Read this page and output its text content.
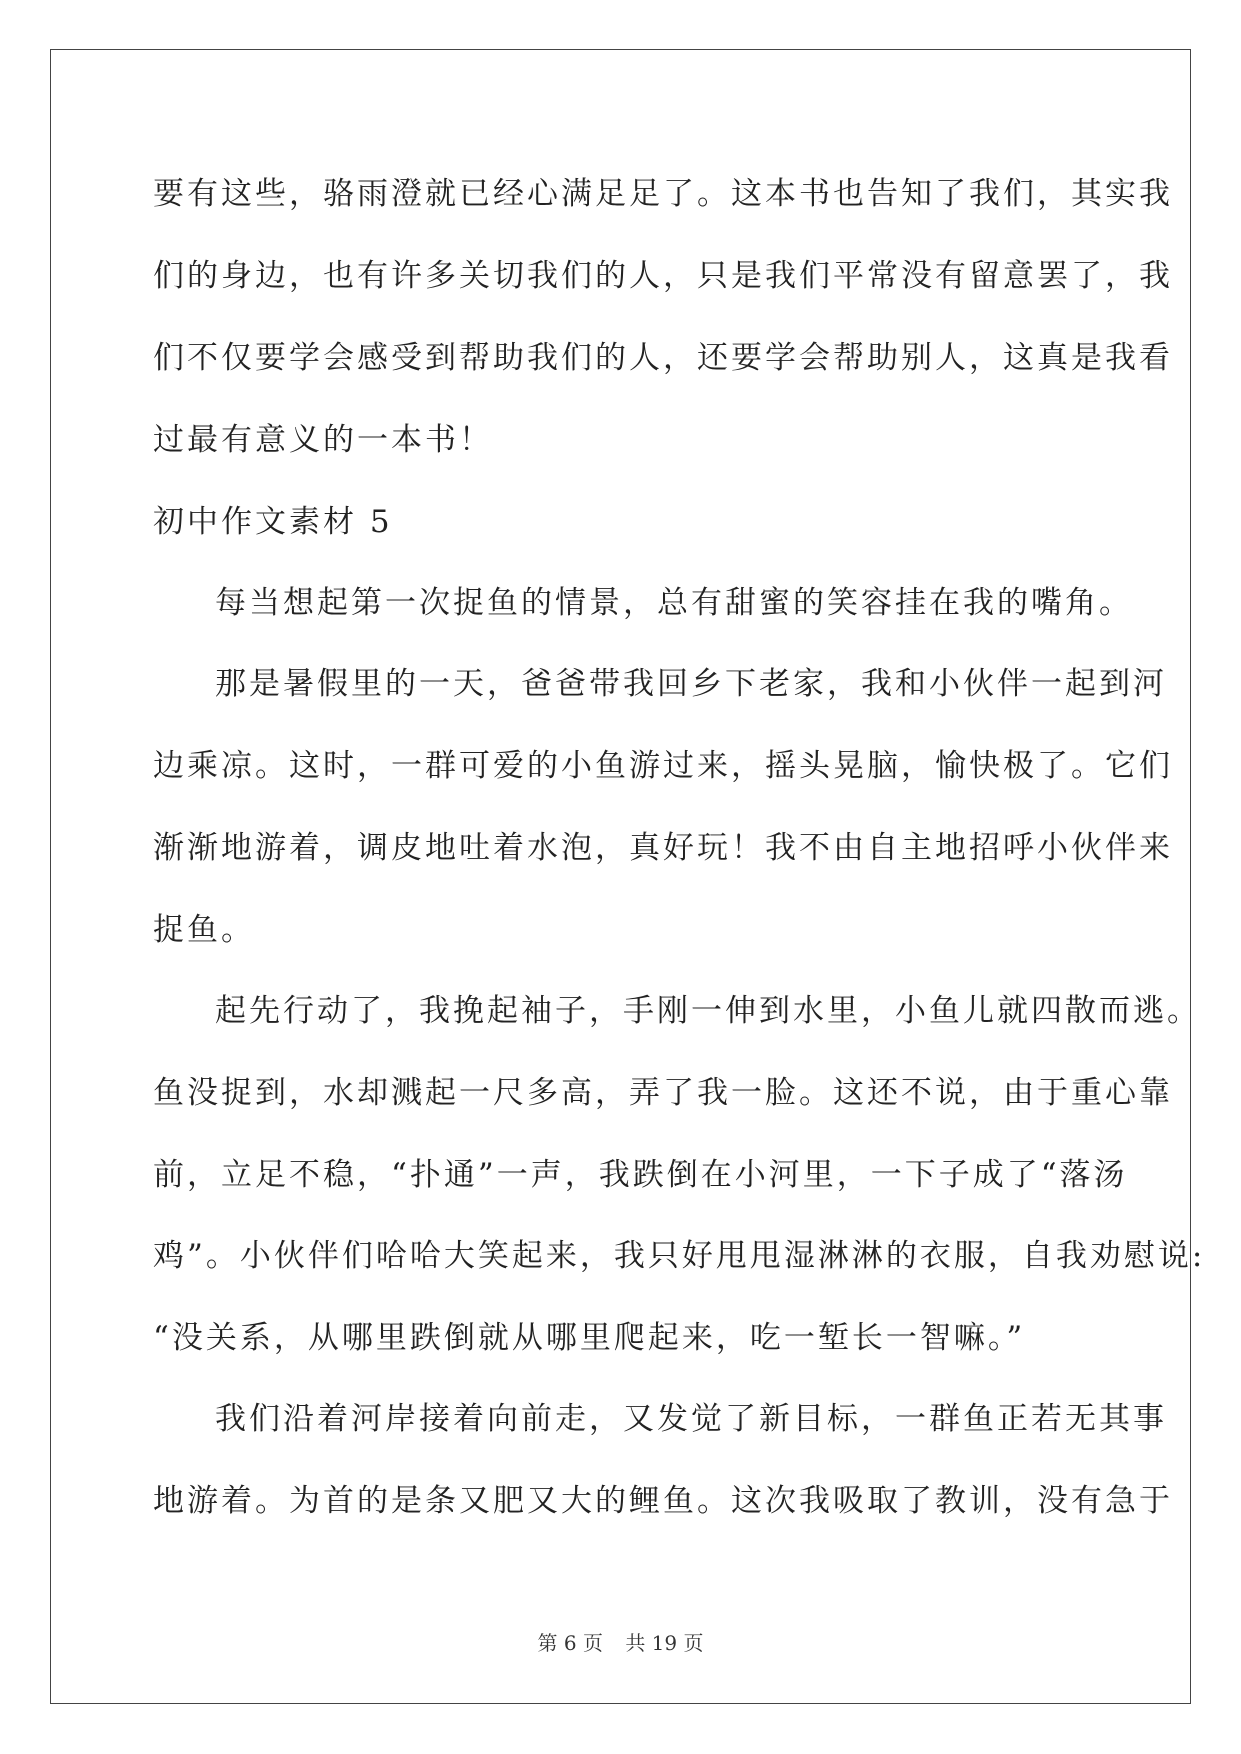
要有这些，骆雨澄就已经心满足足了。这本书也告知了我们，其实我
们的身边，也有许多关切我们的人，只是我们平常没有留意罢了，我
们不仅要学会感受到帮助我们的人，还要学会帮助别人，这真是我看
过最有意义的一本书！
初中作文素材 5
每当想起第一次捉鱼的情景，总有甜蜜的笑容挂在我的嘴角。
那是暑假里的一天，爸爸带我回乡下老家，我和小伙伴一起到河
边乘凉。这时，一群可爱的小鱼游过来，摇头晃脑，愉快极了。它们
渐渐地游着，调皮地吐着水泡，真好玩！我不由自主地招呼小伙伴来
捉鱼。
起先行动了，我挽起袖子，手刚一伸到水里，小鱼儿就四散而逃。
鱼没捉到，水却溅起一尺多高，弄了我一脸。这还不说，由于重心靠
前，立足不稳，“扑通”一声，我跌倒在小河里，一下子成了“落汤
鸡”。小伙伴们哈哈大笑起来，我只好甩甩湿淋淋的衣服，自我劝慰说:
“没关系，从哪里跌倒就从哪里爬起来，吃一堑长一智嘛。”
我们沿着河岸接着向前走，又发觉了新目标，一群鱼正若无其事
地游着。为首的是条又肥又大的鲤鱼。这次我吸取了教训，没有急于
第 6 页 共 19 页
